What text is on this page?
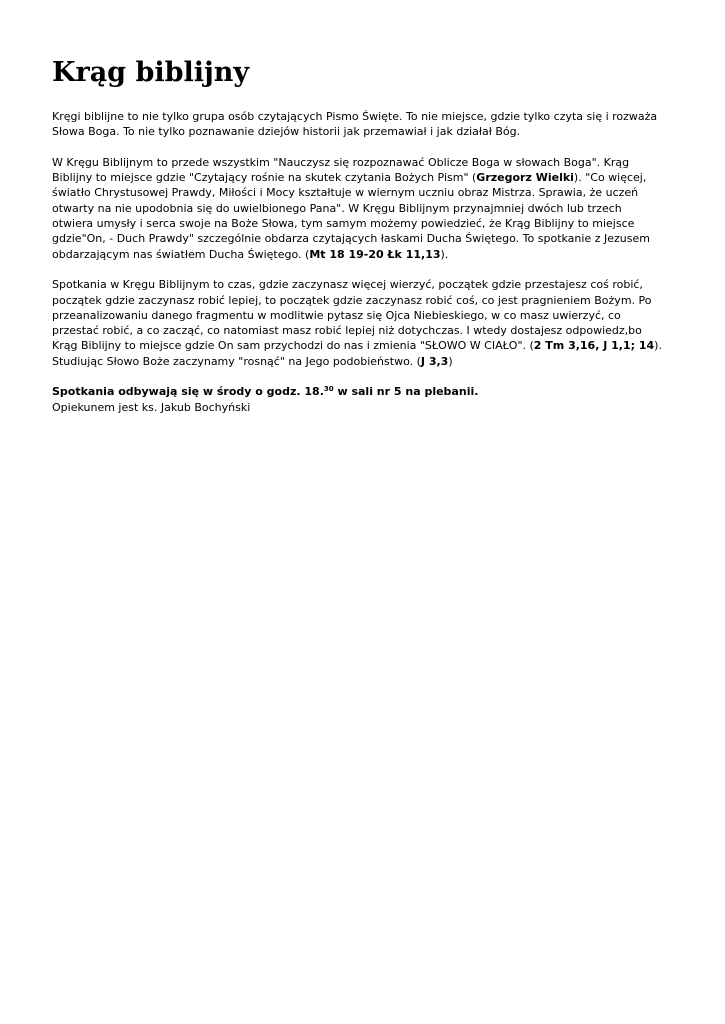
Krąg biblijny

Kręgi biblijne to nie tylko grupa osób czytających Pismo Święte. To nie miejsce, gdzie tylko czyta się i rozważa Słowa Boga. To nie tylko poznawanie dziejów historii jak przemawiał i jak działał Bóg.

W Kręgu Biblijnym to przede wszystkim "Nauczysz się rozpoznawać Oblicze Boga w słowach Boga". Krąg Biblijny to miejsce gdzie "Czytający rośnie na skutek czytania Bożych Pism" (Grzegorz Wielki). "Co więcej, światło Chrystusowej Prawdy, Miłości i Mocy kształtuje w wiernym uczniu obraz Mistrza. Sprawia, że uczeń otwarty na nie upodobnia się do uwielbionego Pana". W Kręgu Biblijnym przynajmniej dwóch lub trzech otwiera umysły i serca swoje na Boże Słowa, tym samym możemy powiedzieć, że Krąg Biblijny to miejsce gdzie"On, - Duch Prawdy" szczególnie obdarza czytających łaskami Ducha Świętego. To spotkanie z Jezusem obdarzającym nas światłem Ducha Świętego. (Mt 18 19-20 Łk 11,13).

Spotkania w Kręgu Biblijnym to czas, gdzie zaczynasz więcej wierzyć, początek gdzie przestajesz coś robić, początek gdzie zaczynasz robić lepiej, to początek gdzie zaczynasz robić coś, co jest pragnieniem Bożym. Po przeanalizowaniu danego fragmentu w modlitwie pytasz się Ojca Niebieskiego, w co masz uwierzyć, co przestać robić, a co zacząć, co natomiast masz robić lepiej niż dotychczas. I wtedy dostajesz odpowiedz,bo Krąg Biblijny to miejsce gdzie On sam przychodzi do nas i zmienia "SŁOWO W CIAŁO". (2 Tm 3,16, J 1,1; 14). Studiując Słowo Boże zaczynamy "rosnąć" na Jego podobieństwo. (J 3,3)

Spotkania odbywają się w środy o godz. 18.30 w sali nr 5 na plebanii.
Opiekunem jest ks. Jakub Bochyński
